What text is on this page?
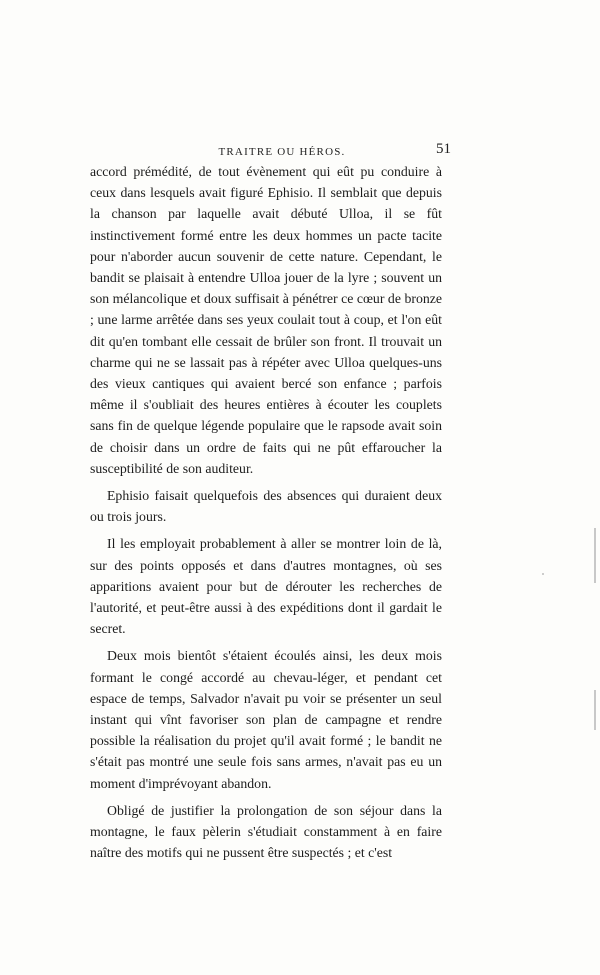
TRAITRE OU HÉROS.	51

accord prémédité, de tout évènement qui eût pu conduire à ceux dans lesquels avait figuré Ephisio. Il semblait que depuis la chanson par laquelle avait débuté Ulloa, il se fût instinctivement formé entre les deux hommes un pacte tacite pour n'aborder aucun souvenir de cette nature. Cependant, le bandit se plaisait à entendre Ulloa jouer de la lyre ; souvent un son mélancolique et doux suffisait à pénétrer ce cœur de bronze ; une larme arrêtée dans ses yeux coulait tout à coup, et l'on eût dit qu'en tombant elle cessait de brûler son front. Il trouvait un charme qui ne se lassait pas à répéter avec Ulloa quelques-uns des vieux cantiques qui avaient bercé son enfance ; parfois même il s'oubliait des heures entières à écouter les couplets sans fin de quelque légende populaire que le rapsode avait soin de choisir dans un ordre de faits qui ne pût effaroucher la susceptibilité de son auditeur.

Ephisio faisait quelquefois des absences qui duraient deux ou trois jours.

Il les employait probablement à aller se montrer loin de là, sur des points opposés et dans d'autres montagnes, où ses apparitions avaient pour but de dérouter les recherches de l'autorité, et peut-être aussi à des expéditions dont il gardait le secret.

Deux mois bientôt s'étaient écoulés ainsi, les deux mois formant le congé accordé au chevau-léger, et pendant cet espace de temps, Salvador n'avait pu voir se présenter un seul instant qui vînt favoriser son plan de campagne et rendre possible la réalisation du projet qu'il avait formé ; le bandit ne s'était pas montré une seule fois sans armes, n'avait pas eu un moment d'imprévoyant abandon.

Obligé de justifier la prolongation de son séjour dans la montagne, le faux pèlerin s'étudiait constamment à en faire naître des motifs qui ne pussent être suspectés ; et c'est
